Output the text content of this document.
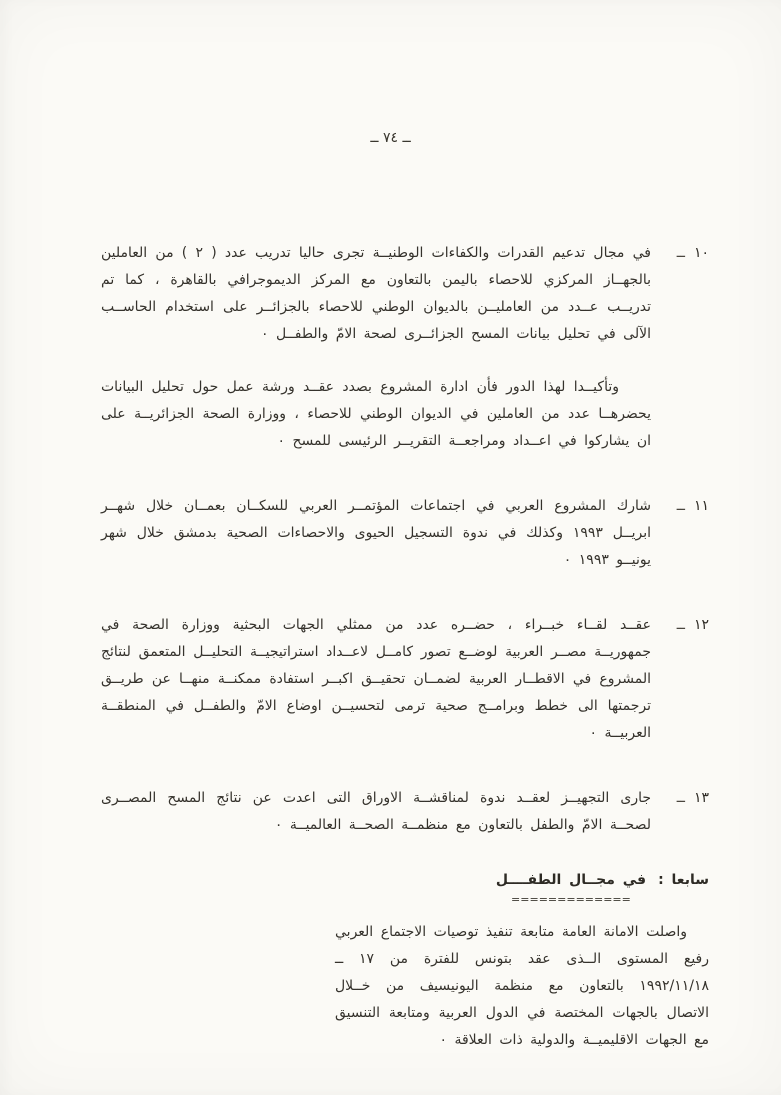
ــ ٧٤ ــ
١٠
ــ

في مجال تدعيم القدرات والكفاءات الوطنيــة تجرى حاليا تدريب عدد ( ٢ ) من العاملين بالجهــاز المركزي للاحصاء باليمن بالتعاون مع المركز الديموجرافي بالقاهرة ، كما تم تدريــب عــدد من العامليــن بالديوان الوطني للاحصاء بالجزائــر على استخدام الحاســب الآلى في تحليل بيانات المسح الجزائــرى لصحة الامّ والطفــل ٠

وتأكيــدا لهذا الدور فأن ادارة المشروع بصدد عقــد ورشة عمل حول تحليل البيانات يحضرهــا عدد من العاملين في الديوان الوطني للاحصاء ، ووزارة الصحة الجزائريــة على ان يشاركوا في اعــداد ومراجعــة التقريــر الرئيسى للمسح ٠

١١
ــ

شارك المشروع العربي في اجتماعات المؤتمــر العربي للسكــان بعمــان خلال شهــر ابريــل ١٩٩٣ وكذلك في ندوة التسجيل الحيوى والاحصاءات الصحية بدمشق خلال شهر يونيــو ١٩٩٣ ٠

١٢
ــ

عقــد لقــاء خبــراء ، حضــره عدد من ممثلي الجهات البحثية ووزارة الصحة في جمهوريــة مصــر العربية لوضــع تصور كامــل لاعــداد استراتيجيــة التحليــل المتعمق لنتائج المشروع في الاقطــار العربية لضمــان تحقيــق اكبــر استفادة ممكنــة منهــا عن طريــق ترجمتها الى خطط وبرامــج صحية ترمى لتحسيــن اوضاع الامّ والطفــل في المنطقــة العربيــة ٠

١٣
ــ

جارى التجهيــز لعقــد ندوة لمناقشــة الاوراق التى اعدت عن نتائج المسح المصــرى لصحــة الامّ والطفل بالتعاون مع منظمــة الصحــة العالميــة ٠

سابعا :
في مجــال الطفــــل
=============

واصلت الامانة العامة متابعة تنفيذ توصيات الاجتماع العربي رفيع المستوى الــذى عقد بتونس للفترة من ١٧ ــ ١٩٩٢/١١/١٨ بالتعاون مع منظمة اليونيسيف من خــلال الاتصال بالجهات المختصة في الدول العربية ومتابعة التنسيق مع الجهات الاقليميــة والدولية ذات العلاقة ٠
